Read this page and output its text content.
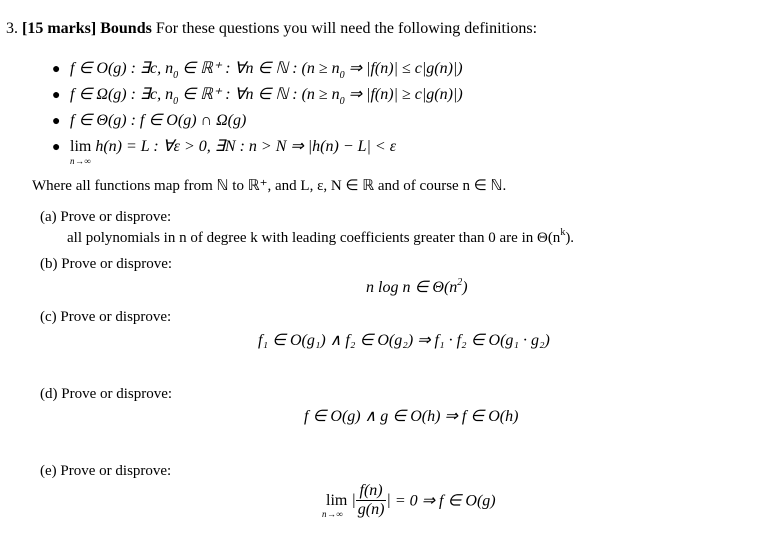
3. [15 marks] Bounds For these questions you will need the following definitions:
● f ∈ O(g) : ∃c, $n_0$ ∈ ℝ⁺ : ∀n ∈ ℕ : ($n \ge n_0$ ⇒ |f(n)| ≤ c|g(n)|)
● f ∈ Ω(g) : ∃c, $n_0$ ∈ ℝ⁺ : ∀n ∈ ℕ : ($n \ge n_0$ ⇒ |f(n)| ≥ c|g(n)|)
● f ∈ Θ(g) : f ∈ O(g) ∩ Ω(g)
● lim
n→∞
h(n) = L : ∀ε > 0, ∃N : n > N ⇒ |h(n) − L| < ε
Where all functions map from ℕ to ℝ⁺, and L, ε, N ∈ ℝ and of course n ∈ ℕ.
(a) Prove or disprove:
all polynomials in n of degree k with leading coefficients greater than 0 are in $\Theta(n^k)$.
(b) Prove or disprove:
n log n ∈ $\Theta(n^2)$
(c) Prove or disprove:
f₁ ∈ O(g₁) ∧ f₂ ∈ O(g₂) ⇒ f₁ · f₂ ∈ O(g₁ · g₂)
(d) Prove or disprove:
f ∈ O(g) ∧ g ∈ O(h) ⇒ f ∈ O(h)
(e) Prove or disprove:
lim
n→∞
| $\frac{f(n)}{g(n)}$ | = 0 ⇒ f ∈ O(g)
